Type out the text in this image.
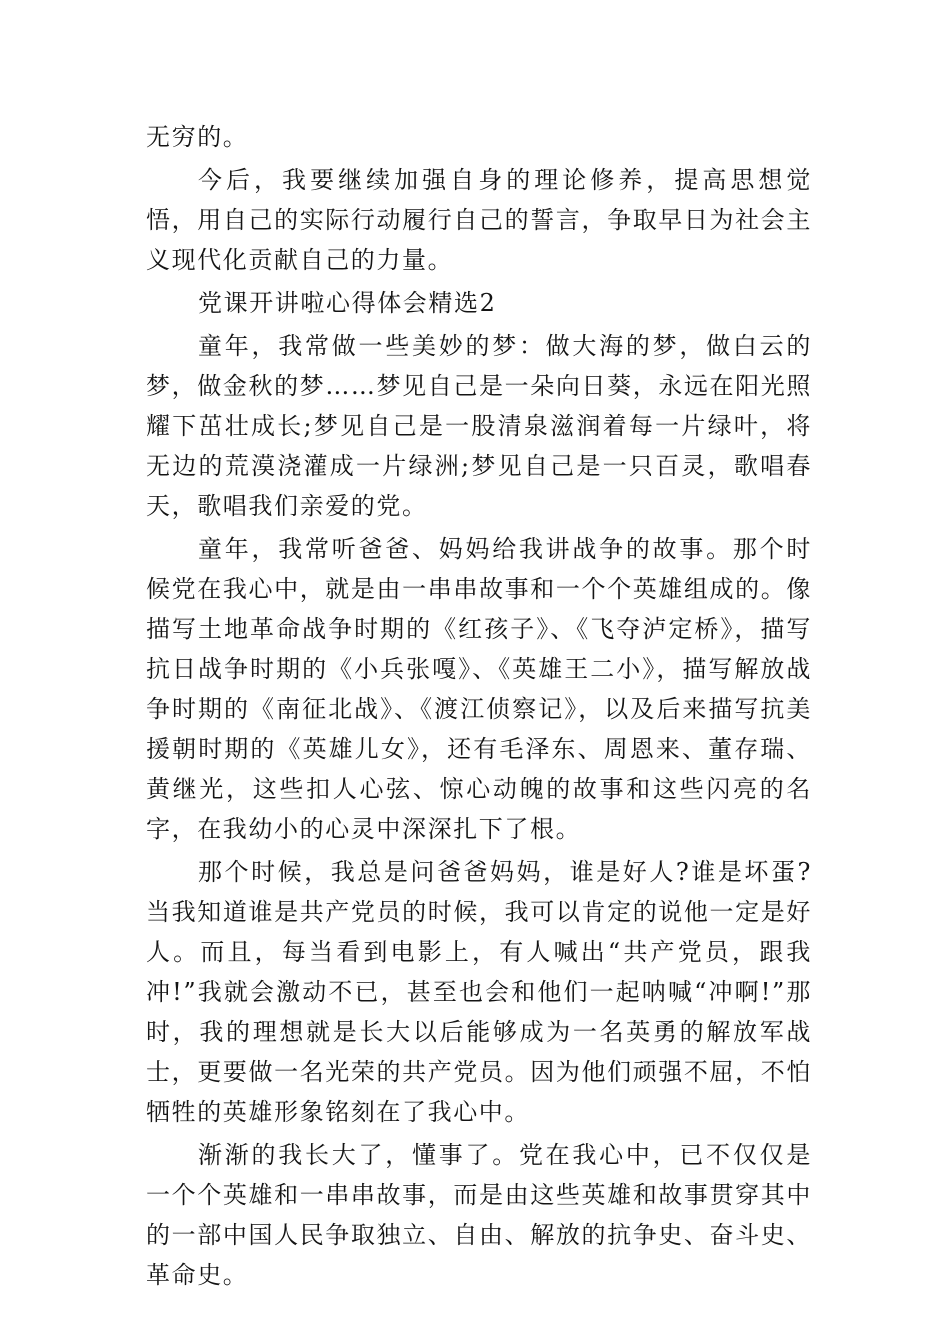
无穷的。

今后，我要继续加强自身的理论修养，提高思想觉悟，用自己的实际行动履行自己的誓言，争取早日为社会主义现代化贡献自己的力量。

党课开讲啦心得体会精选2

童年，我常做一些美妙的梦：做大海的梦，做白云的梦，做金秋的梦……梦见自己是一朵向日葵，永远在阳光照耀下茁壮成长;梦见自己是一股清泉滋润着每一片绿叶，将无边的荒漠浇灌成一片绿洲;梦见自己是一只百灵，歌唱春天，歌唱我们亲爱的党。

童年，我常听爸爸、妈妈给我讲战争的故事。那个时候党在我心中，就是由一串串故事和一个个英雄组成的。像描写土地革命战争时期的《红孩子》、《飞夺泸定桥》，描写抗日战争时期的《小兵张嘎》、《英雄王二小》，描写解放战争时期的《南征北战》、《渡江侦察记》，以及后来描写抗美援朝时期的《英雄儿女》，还有毛泽东、周恩来、董存瑞、黄继光，这些扣人心弦、惊心动魄的故事和这些闪亮的名字，在我幼小的心灵中深深扎下了根。

那个时候，我总是问爸爸妈妈，谁是好人?谁是坏蛋?当我知道谁是共产党员的时候，我可以肯定的说他一定是好人。而且，每当看到电影上，有人喊出“共产党员，跟我冲!”我就会激动不已，甚至也会和他们一起呐喊“冲啊!”那时，我的理想就是长大以后能够成为一名英勇的解放军战士，更要做一名光荣的共产党员。因为他们顽强不屈，不怕牺牲的英雄形象铭刻在了我心中。

渐渐的我长大了，懂事了。党在我心中，已不仅仅是一个个英雄和一串串故事，而是由这些英雄和故事贯穿其中的一部中国人民争取独立、自由、解放的抗争史、奋斗史、革命史。
